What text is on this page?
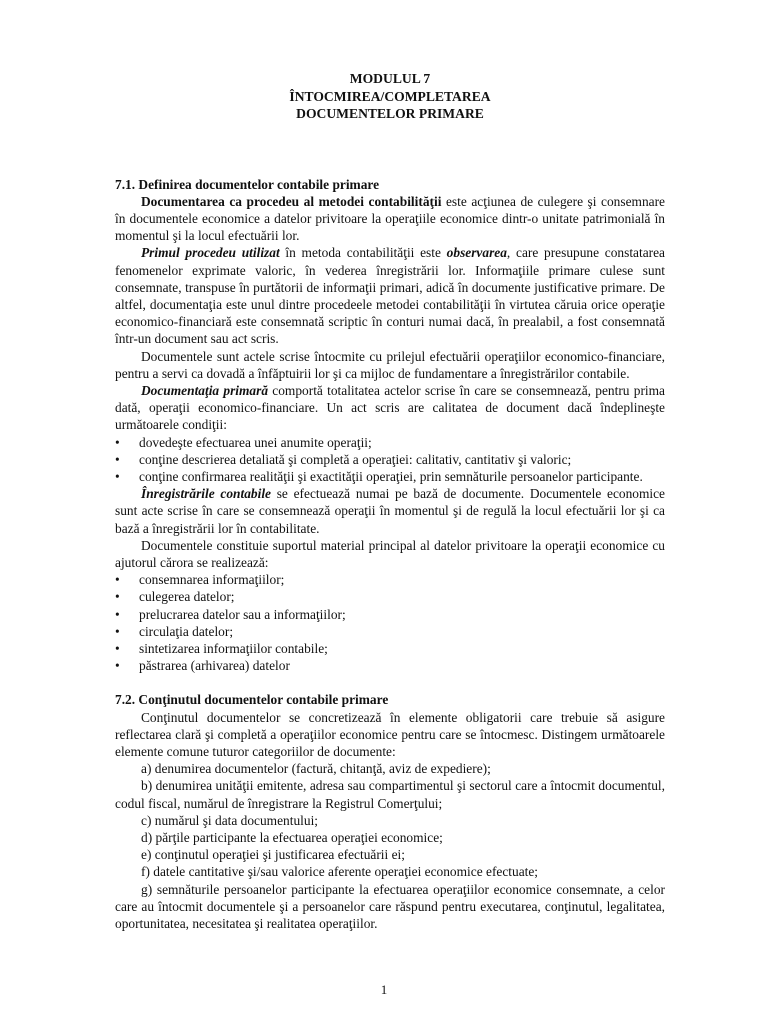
MODULUL 7
ÎNTOCMIREA/COMPLETAREA
DOCUMENTELOR PRIMARE

7.1. Definirea documentelor contabile primare

Documentarea ca procedeu al metodei contabilităţii este acţiunea de culegere şi consemnare în documentele economice a datelor privitoare la operaţiile economice dintr-o unitate patrimonială în momentul şi la locul efectuării lor.

Primul procedeu utilizat în metoda contabilităţii este observarea, care presupune constatarea fenomenelor exprimate valoric, în vederea înregistrării lor. Informaţiile primare culese sunt consemnate, transpuse în purtătorii de informaţii primari, adică în documente justificative primare. De altfel, documentaţia este unul dintre procedeele metodei contabilităţii în virtutea căruia orice operaţie economico-financiară este consemnată scriptic în conturi numai dacă, în prealabil, a fost consemnată într-un document sau act scris.

Documentele sunt actele scrise întocmite cu prilejul efectuării operaţiilor economico-financiare, pentru a servi ca dovadă a înfăptuirii lor şi ca mijloc de fundamentare a înregistrărilor contabile.

Documentaţia primară comportă totalitatea actelor scrise în care se consemnează, pentru prima dată, operaţii economico-financiare. Un act scris are calitatea de document dacă îndeplineşte următoarele condiţii:

•	dovedeşte efectuarea unei anumite operaţii;
•	conţine descrierea detaliată şi completă a operaţiei: calitativ, cantitativ şi valoric;
•	conţine confirmarea realităţii şi exactităţii operaţiei, prin semnăturile persoanelor participante.

Înregistrările contabile se efectuează numai pe bază de documente. Documentele economice sunt acte scrise în care se consemnează operaţii în momentul şi de regulă la locul efectuării lor şi ca bază a înregistrării lor în contabilitate.

Documentele constituie suportul material principal al datelor privitoare la operaţii economice cu ajutorul cărora se realizează:

•	consemnarea informaţiilor;
•	culegerea datelor;
•	prelucrarea datelor sau a informaţiilor;
•	circulaţia datelor;
•	sintetizarea informaţiilor contabile;
•	păstrarea (arhivarea) datelor

7.2. Conţinutul documentelor contabile primare

Conţinutul documentelor se concretizează în elemente obligatorii care trebuie să asigure reflectarea clară şi completă a operaţiilor economice pentru care se întocmesc. Distingem următoarele elemente comune tuturor categoriilor de documente:

a) denumirea documentelor (factură, chitanţă, aviz de expediere);

b) denumirea unităţii emitente, adresa sau compartimentul şi sectorul care a întocmit documentul, codul fiscal, numărul de înregistrare la Registrul Comerţului;

c) numărul şi data documentului;

d) părţile participante la efectuarea operaţiei economice;

e) conţinutul operaţiei şi justificarea efectuării ei;

f) datele cantitative şi/sau valorice aferente operaţiei economice efectuate;

g) semnăturile persoanelor participante la efectuarea operaţiilor economice consemnate, a celor care au întocmit documentele şi a persoanelor care răspund pentru executarea, conţinutul, legalitatea, oportunitatea, necesitatea şi realitatea operaţiilor.

1
